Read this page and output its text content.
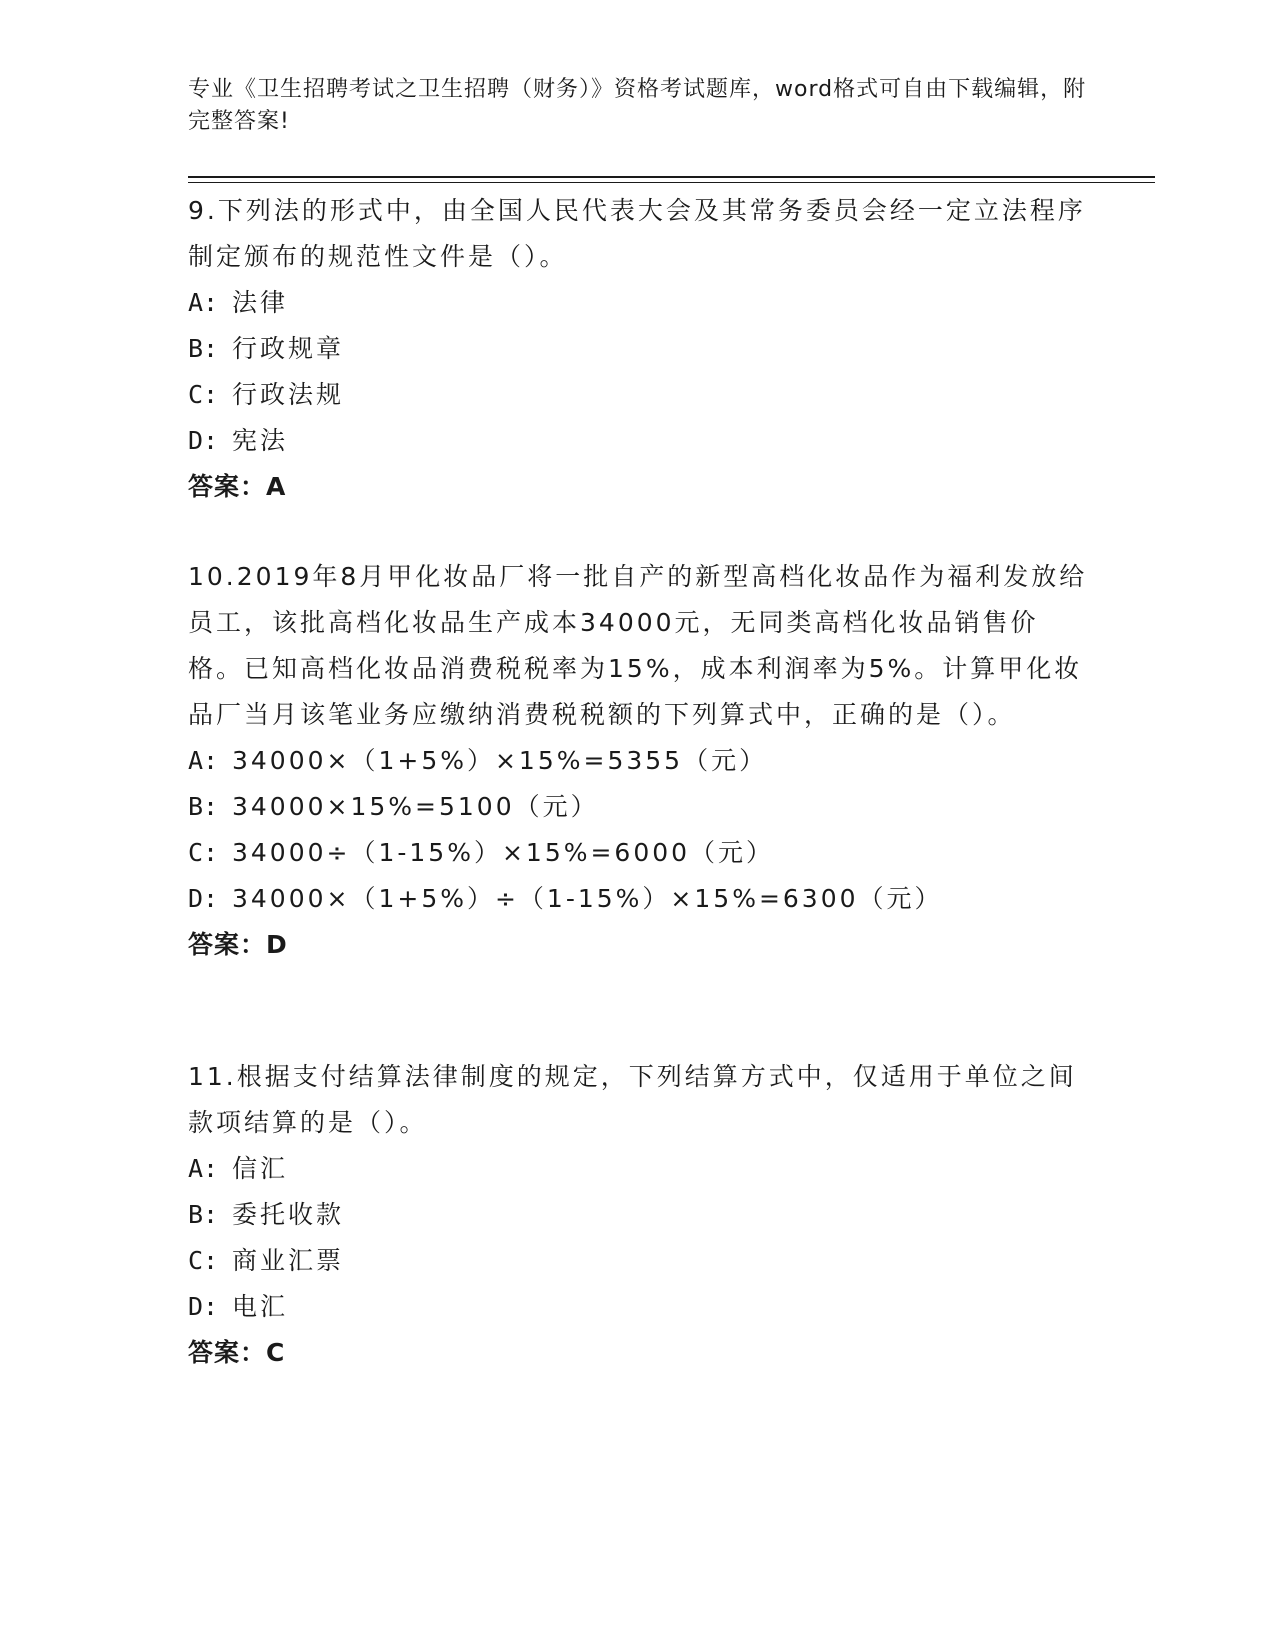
专业《卫生招聘考试之卫生招聘（财务）》资格考试题库，word格式可自由下载编辑，附完整答案!
9.下列法的形式中，由全国人民代表大会及其常务委员会经一定立法程序制定颁布的规范性文件是（）。
A: 法律
B: 行政规章
C: 行政法规
D: 宪法
答案：A
10.2019年8月甲化妆品厂将一批自产的新型高档化妆品作为福利发放给员工，该批高档化妆品生产成本34000元，无同类高档化妆品销售价格。已知高档化妆品消费税税率为15%，成本利润率为5%。计算甲化妆品厂当月该笔业务应缴纳消费税税额的下列算式中，正确的是（）。
A: 34000×（1+5%）×15%=5355（元）
B: 34000×15%=5100（元）
C: 34000÷（1-15%）×15%=6000（元）
D: 34000×（1+5%）÷（1-15%）×15%=6300（元）
答案：D
11.根据支付结算法律制度的规定，下列结算方式中，仅适用于单位之间款项结算的是（）。
A: 信汇
B: 委托收款
C: 商业汇票
D: 电汇
答案：C
